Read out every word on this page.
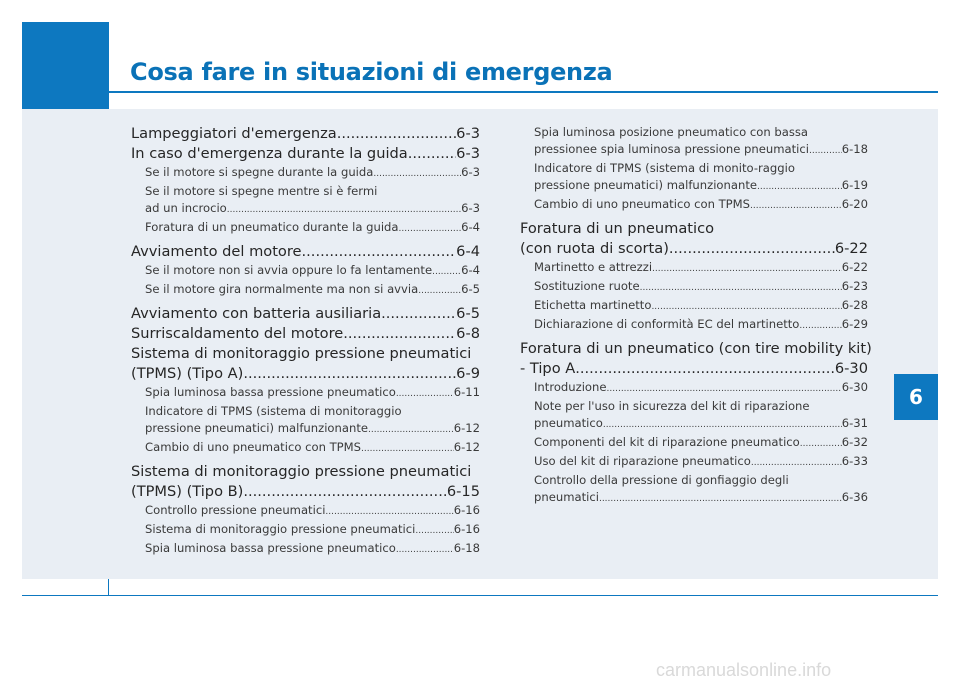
Cosa fare in situazioni di emergenza
6
Lampeggiatori d'emergenza .....	6-3
In caso d'emergenza durante la guida .....	6-3
Se il motore si spegne durante la guida .....	6-3
Se il motore si spegne mentre si è fermi
ad un incrocio .....	6-3
Foratura di un pneumatico durante la guida .....	6-4
Avviamento del motore .....	6-4
Se il motore non si avvia oppure lo fa lentamente ..... 6-4
Se il motore gira normalmente ma non si avvia .....	6-5
Avviamento con batteria ausiliaria .....	6-5
Surriscaldamento del motore .....	6-8
Sistema di monitoraggio pressione pneumatici
(TPMS) (Tipo A) .....	6-9
Spia luminosa bassa pressione pneumatico .....	6-11
Indicatore di TPMS (sistema di monitoraggio
pressione pneumatici) malfunzionante .....	6-12
Cambio di uno pneumatico con TPMS .....	6-12
Sistema di monitoraggio pressione pneumatici
(TPMS) (Tipo B) .....	6-15
Controllo pressione pneumatici .....	6-16
Sistema di monitoraggio pressione pneumatici .....	6-16
Spia luminosa bassa pressione pneumatico .....	6-18
Spia luminosa posizione pneumatico con bassa
pressionee spia luminosa pressione pneumatici .....	6-18
Indicatore di TPMS (sistema di monito-raggio
pressione pneumatici) malfunzionante .....	6-19
Cambio di uno pneumatico con TPMS .....	6-20
Foratura di un pneumatico
(con ruota di scorta) .....	6-22
Martinetto e attrezzi .....	6-22
Sostituzione ruote .....	6-23
Etichetta martinetto .....	6-28
Dichiarazione di conformità EC del martinetto .....	6-29
Foratura di un pneumatico (con tire mobility kit)
- Tipo A .....	6-30
Introduzione .....	6-30
Note per l'uso in sicurezza del kit di riparazione
pneumatico .....	6-31
Componenti del kit di riparazione pneumatico .....	6-32
Uso del kit di riparazione pneumatico .....	6-33
Controllo della pressione di gonfiaggio degli
pneumatici .....	6-36
carmanualsonline.info
